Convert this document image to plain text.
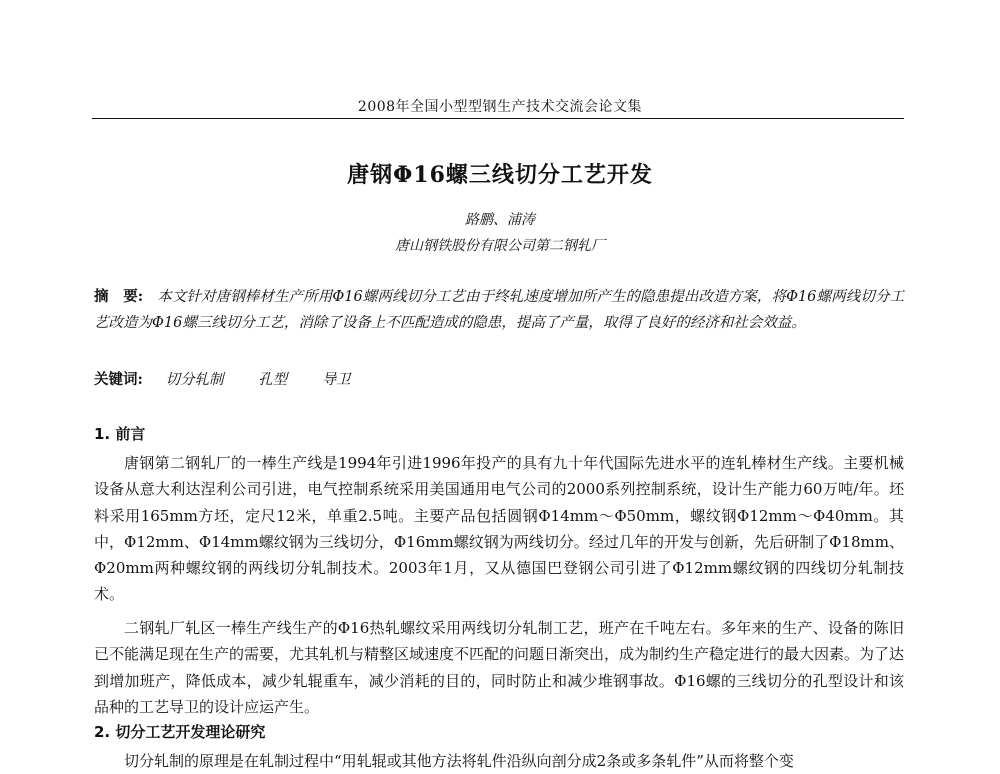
2008年全国小型型钢生产技术交流会论文集
唐钢Φ16螺三线切分工艺开发
路鹏、浦涛
唐山钢铁股份有限公司第二钢轧厂
摘　要: 本文针对唐钢棒材生产所用Φ16螺两线切分工艺由于终轧速度增加所产生的隐患提出改造方案，将Φ16螺两线切分工艺改造为Φ16螺三线切分工艺，消除了设备上不匹配造成的隐患，提高了产量，取得了良好的经济和社会效益。
关键词: 切分轧制 孔型 导卫
1. 前言

唐钢第二钢轧厂的一棒生产线是1994年引进1996年投产的具有九十年代国际先进水平的连轧棒材生产线。主要机械设备从意大利达涅利公司引进，电气控制系统采用美国通用电气公司的2000系列控制系统，设计生产能力60万吨/年。坯料采用165mm方坯，定尺12米，单重2.5吨。主要产品包括圆钢Φ14mm～Φ50mm，螺纹钢Φ12mm～Φ40mm。其中，Φ12mm、Φ14mm螺纹钢为三线切分，Φ16mm螺纹钢为两线切分。经过几年的开发与创新，先后研制了Φ18mm、Φ20mm两种螺纹钢的两线切分轧制技术。2003年1月，又从德国巴登钢公司引进了Φ12mm螺纹钢的四线切分轧制技术。

二钢轧厂轧区一棒生产线生产的Φ16热轧螺纹采用两线切分轧制工艺，班产在千吨左右。多年来的生产、设备的陈旧已不能满足现在生产的需要，尤其轧机与精整区域速度不匹配的问题日渐突出，成为制约生产稳定进行的最大因素。为了达到增加班产，降低成本，减少轧辊重车，减少消耗的目的，同时防止和减少堆钢事故。Φ16螺的三线切分的孔型设计和该品种的工艺导卫的设计应运产生。

2. 切分工艺开发理论研究

切分轧制的原理是在轧制过程中“用轧辊或其他方法将轧件沿纵向剖分成2条或多条轧件”从而将整个变
